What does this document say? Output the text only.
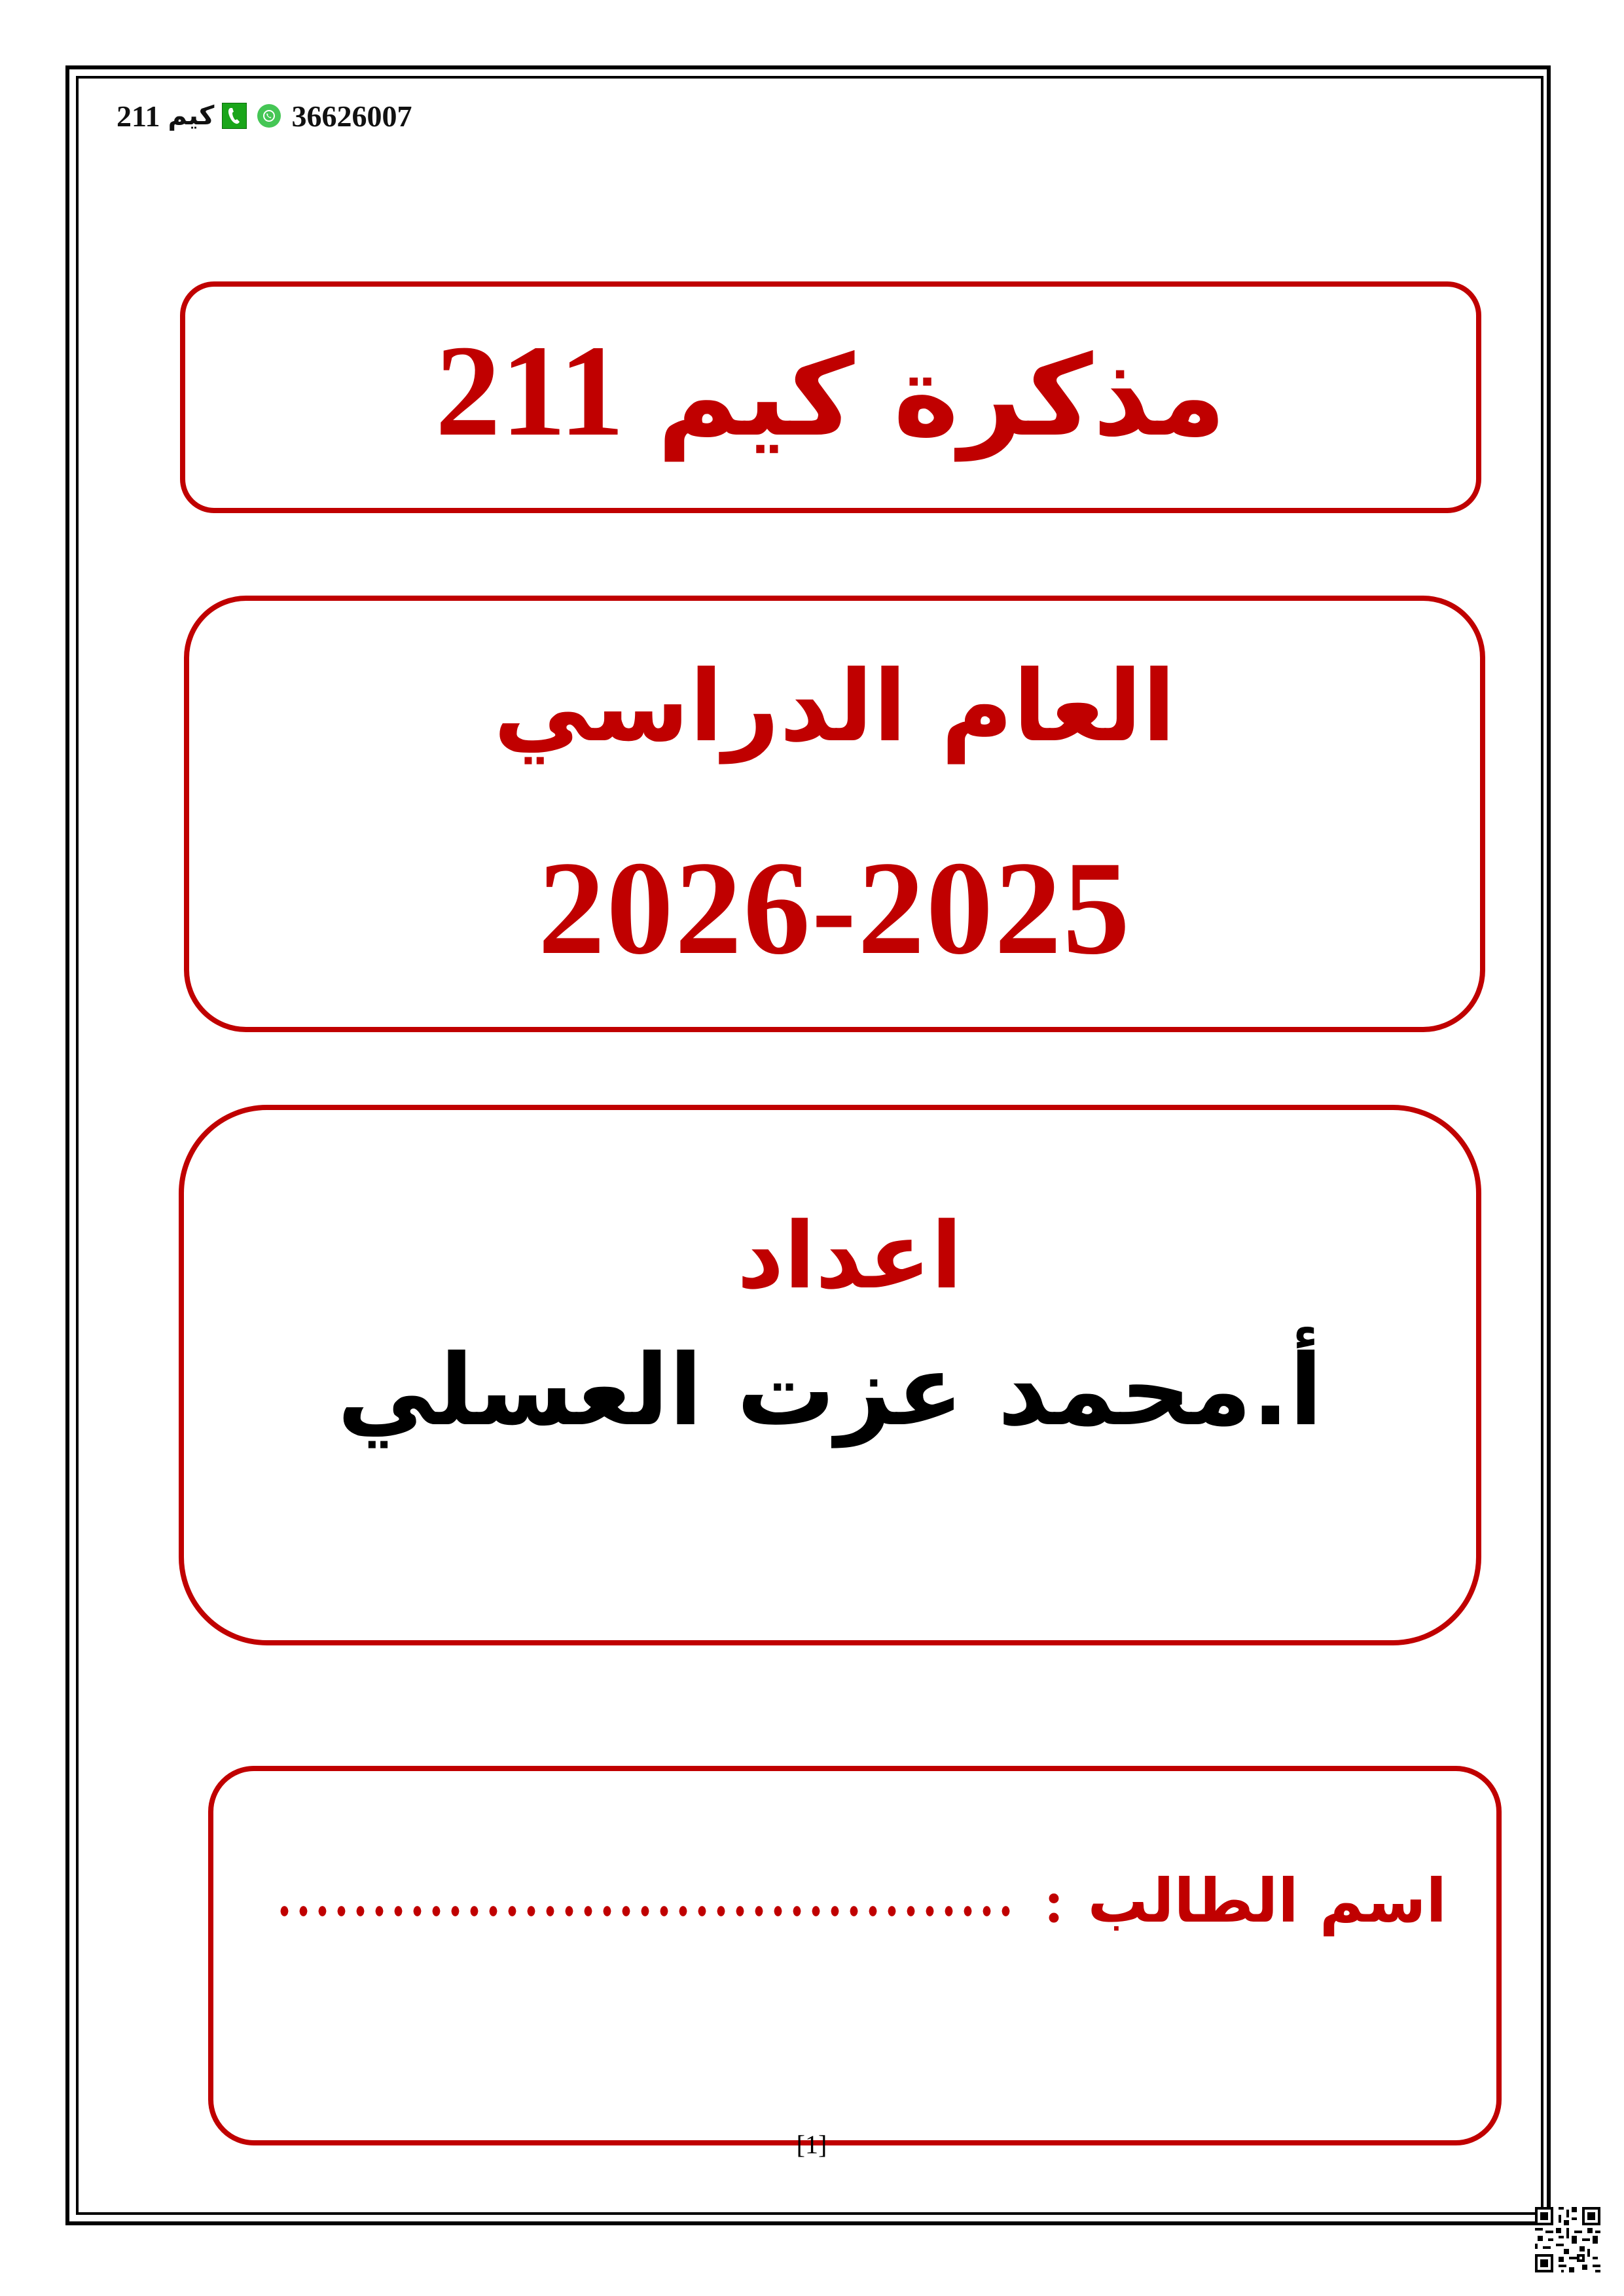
211 كيم	36626007
مذكرة كيم 211
العام الدراسي
2026-2025
اعداد
أ.محمد عزت العسلي
اسم الطالب
:
[1]
